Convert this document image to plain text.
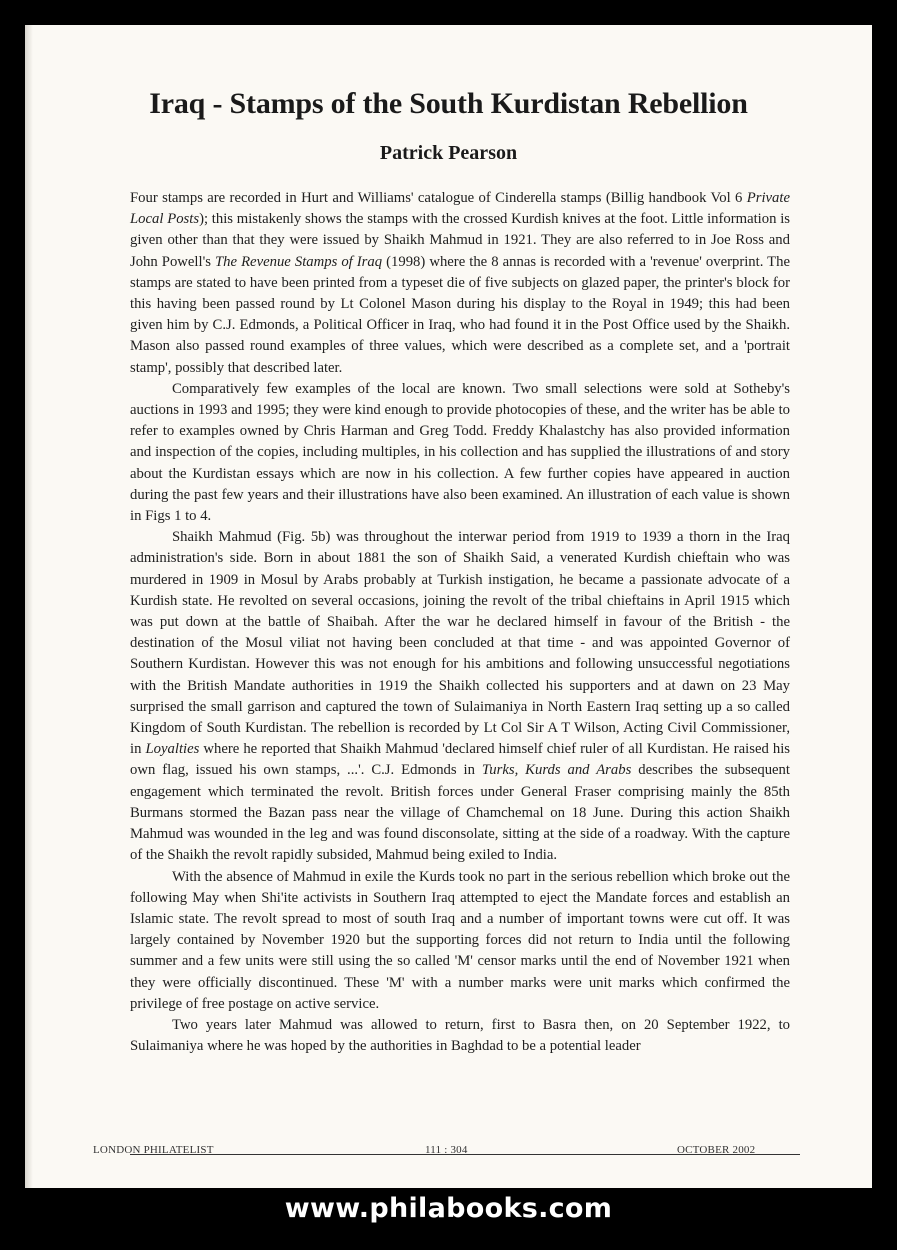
Iraq - Stamps of the South Kurdistan Rebellion
Patrick Pearson

Four stamps are recorded in Hurt and Williams' catalogue of Cinderella stamps (Billig handbook Vol 6 Private Local Posts); this mistakenly shows the stamps with the crossed Kurdish knives at the foot. Little information is given other than that they were issued by Shaikh Mahmud in 1921. They are also referred to in Joe Ross and John Powell's The Revenue Stamps of Iraq (1998) where the 8 annas is recorded with a 'revenue' overprint. The stamps are stated to have been printed from a typeset die of five subjects on glazed paper, the printer's block for this having been passed round by Lt Colonel Mason during his display to the Royal in 1949; this had been given him by C.J. Edmonds, a Political Officer in Iraq, who had found it in the Post Office used by the Shaikh. Mason also passed round examples of three values, which were described as a complete set, and a 'portrait stamp', possibly that described later.

Comparatively few examples of the local are known. Two small selections were sold at Sotheby's auctions in 1993 and 1995; they were kind enough to provide photocopies of these, and the writer has be able to refer to examples owned by Chris Harman and Greg Todd. Freddy Khalastchy has also provided information and inspection of the copies, including multiples, in his collection and has supplied the illustrations of and story about the Kurdistan essays which are now in his collection. A few further copies have appeared in auction during the past few years and their illustrations have also been examined. An illustration of each value is shown in Figs 1 to 4.

Shaikh Mahmud (Fig. 5b) was throughout the interwar period from 1919 to 1939 a thorn in the Iraq administration's side. Born in about 1881 the son of Shaikh Said, a venerated Kurdish chieftain who was murdered in 1909 in Mosul by Arabs probably at Turkish instigation, he became a passionate advocate of a Kurdish state. He revolted on several occasions, joining the revolt of the tribal chieftains in April 1915 which was put down at the battle of Shaibah. After the war he declared himself in favour of the British - the destination of the Mosul viliat not having been concluded at that time - and was appointed Governor of Southern Kurdistan. However this was not enough for his ambitions and following unsuccessful negotiations with the British Mandate authorities in 1919 the Shaikh collected his supporters and at dawn on 23 May surprised the small garrison and captured the town of Sulaimaniya in North Eastern Iraq setting up a so called Kingdom of South Kurdistan. The rebellion is recorded by Lt Col Sir A T Wilson, Acting Civil Commissioner, in Loyalties where he reported that Shaikh Mahmud 'declared himself chief ruler of all Kurdistan. He raised his own flag, issued his own stamps, ...'. C.J. Edmonds in Turks, Kurds and Arabs describes the subsequent engagement which terminated the revolt. British forces under General Fraser comprising mainly the 85th Burmans stormed the Bazan pass near the village of Chamchemal on 18 June. During this action Shaikh Mahmud was wounded in the leg and was found disconsolate, sitting at the side of a roadway. With the capture of the Shaikh the revolt rapidly subsided, Mahmud being exiled to India.

With the absence of Mahmud in exile the Kurds took no part in the serious rebellion which broke out the following May when Shi'ite activists in Southern Iraq attempted to eject the Mandate forces and establish an Islamic state. The revolt spread to most of south Iraq and a number of important towns were cut off. It was largely contained by November 1920 but the supporting forces did not return to India until the following summer and a few units were still using the so called 'M' censor marks until the end of November 1921 when they were officially discontinued. These 'M' with a number marks were unit marks which confirmed the privilege of free postage on active service.

Two years later Mahmud was allowed to return, first to Basra then, on 20 September 1922, to Sulaimaniya where he was hoped by the authorities in Baghdad to be a potential leader

LONDON PHILATELIST	111 : 304	OCTOBER 2002
www.philabooks.com
